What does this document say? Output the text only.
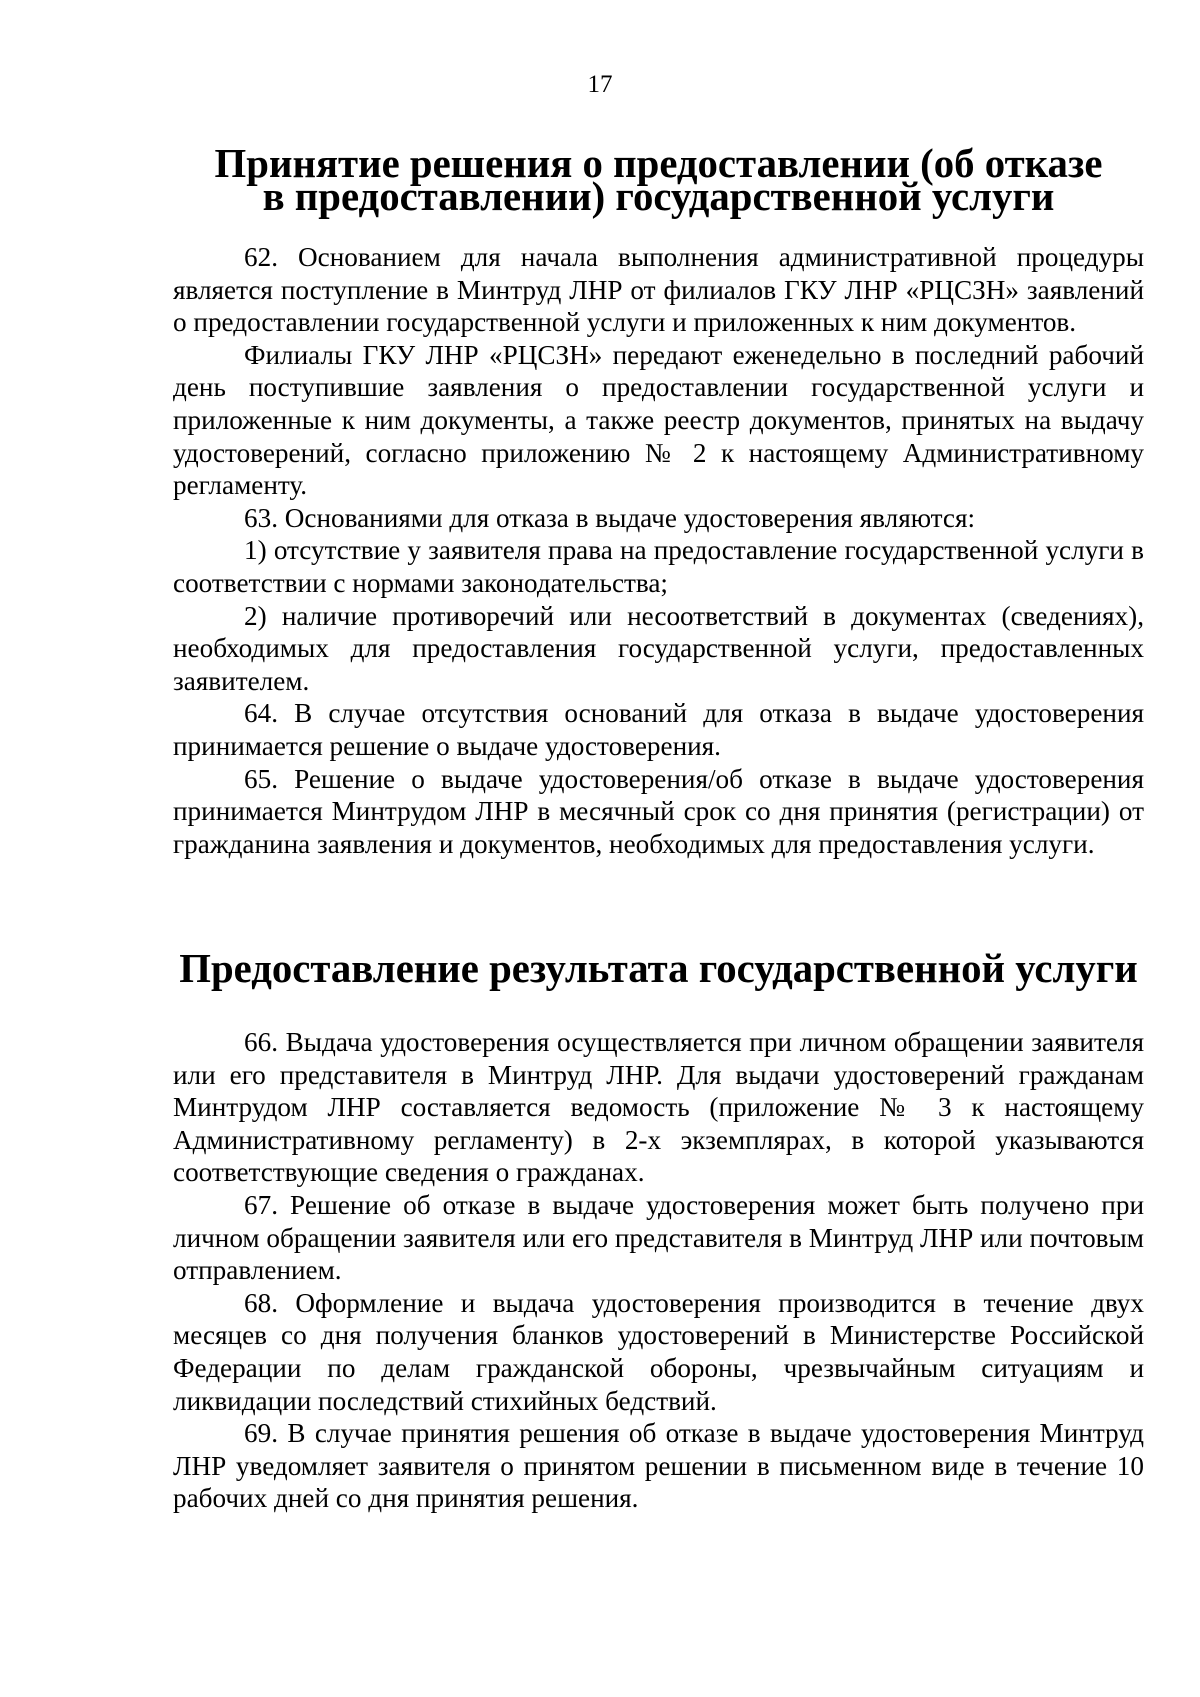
17
Принятие решения о предоставлении (об отказе
в предоставлении) государственной услуги

62. Основанием для начала выполнения административной процедуры является поступление в Минтруд ЛНР от филиалов ГКУ ЛНР «РЦСЗН» заявлений о предоставлении государственной услуги и приложенных к ним документов.

Филиалы ГКУ ЛНР «РЦСЗН» передают еженедельно в последний рабочий день поступившие заявления о предоставлении государственной услуги и приложенные к ним документы, а также реестр документов, принятых на выдачу удостоверений, согласно приложению № 2 к настоящему Административному регламенту.

63. Основаниями для отказа в выдаче удостоверения являются:

1) отсутствие у заявителя права на предоставление государственной услуги в соответствии с нормами законодательства;

2) наличие противоречий или несоответствий в документах (сведениях), необходимых для предоставления государственной услуги, предоставленных заявителем.

64. В случае отсутствия оснований для отказа в выдаче удостоверения принимается решение о выдаче удостоверения.

65. Решение о выдаче удостоверения/об отказе в выдаче удостоверения принимается Минтрудом ЛНР в месячный срок со дня принятия (регистрации) от гражданина заявления и документов, необходимых для предоставления услуги.

Предоставление результата государственной услуги

66. Выдача удостоверения осуществляется при личном обращении заявителя или его представителя в Минтруд ЛНР. Для выдачи удостоверений гражданам Минтрудом ЛНР составляется ведомость (приложение № 3 к настоящему Административному регламенту) в 2-х экземплярах, в которой указываются соответствующие сведения о гражданах.

67. Решение об отказе в выдаче удостоверения может быть получено при личном обращении заявителя или его представителя в Минтруд ЛНР или почтовым отправлением.

68. Оформление и выдача удостоверения производится в течение двух месяцев со дня получения бланков удостоверений в Министерстве Российской Федерации по делам гражданской обороны, чрезвычайным ситуациям и ликвидации последствий стихийных бедствий.

69. В случае принятия решения об отказе в выдаче удостоверения Минтруд ЛНР уведомляет заявителя о принятом решении в письменном виде в течение 10 рабочих дней со дня принятия решения.
